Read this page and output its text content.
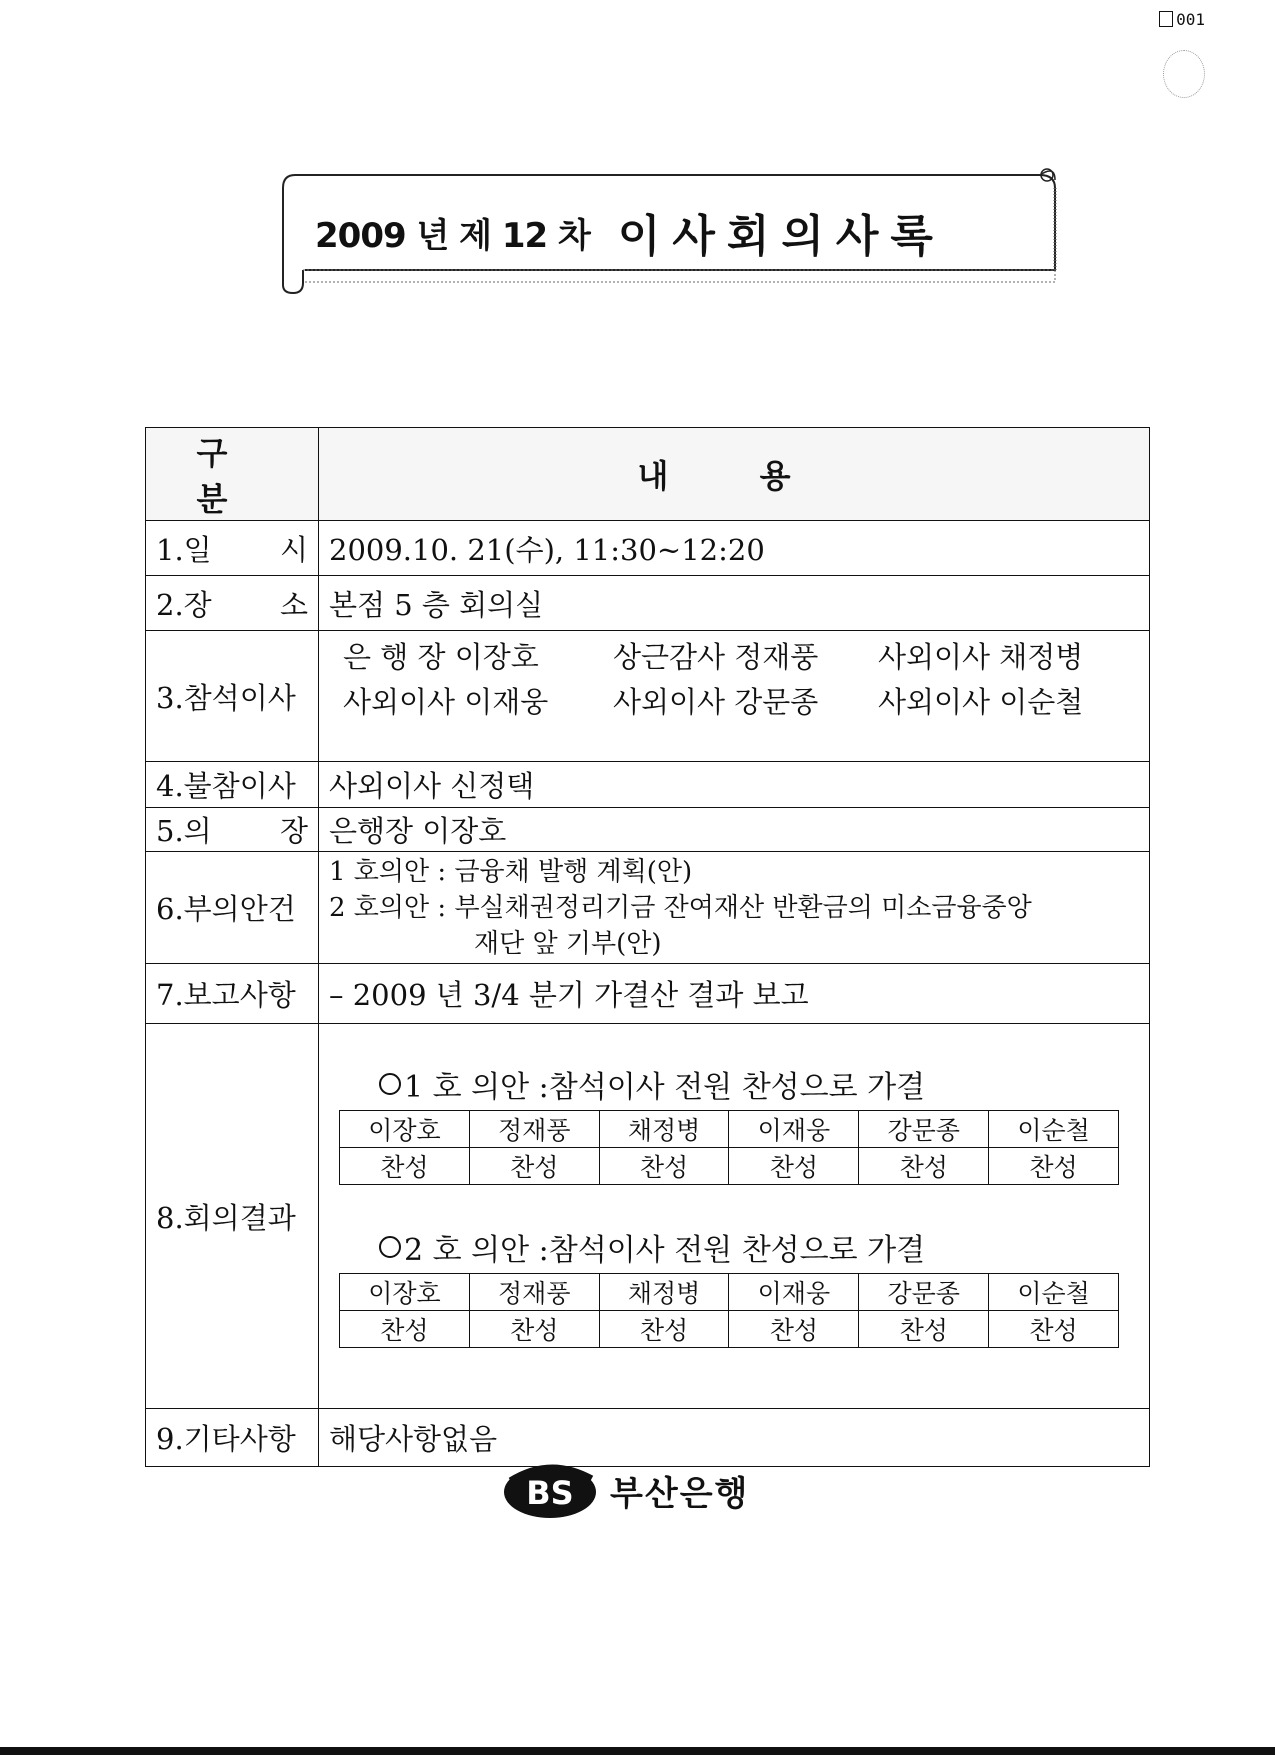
001
2009 년 제 12 차 이사회의사록
구 분	내 용

1.일 시	2009.10. 21(수), 11:30~12:20

2.장 소	본점 5 층 회의실
3.참석이사	
은 행 장 이장호	상근감사 정재풍	사외이사 채정병
사외이사 이재웅	사외이사 강문종	사외이사 이순철

4.불참이사	사외이사 신정택

5.의 장	은행장 이장호
6.부의안건	
1 호의안 : 금융채 발행 계획(안)
2 호의안 : 부실채권정리기금 잔여재산 반환금의 미소금융중앙
재단 앞 기부(안)

7.보고사항	– 2009 년 3/4 분기 가결산 결과 보고
8.회의결과	
1 호 의안 :참석이사 전원 찬성으로 가결
이장호	정재풍	채정병	이재웅	강문종	이순철
찬성	찬성	찬성	찬성	찬성	찬성
2 호 의안 :참석이사 전원 찬성으로 가결
이장호	정재풍	채정병	이재웅	강문종	이순철
찬성	찬성	찬성	찬성	찬성	찬성

9.기타사항	해당사항없음
BS 부산은행
